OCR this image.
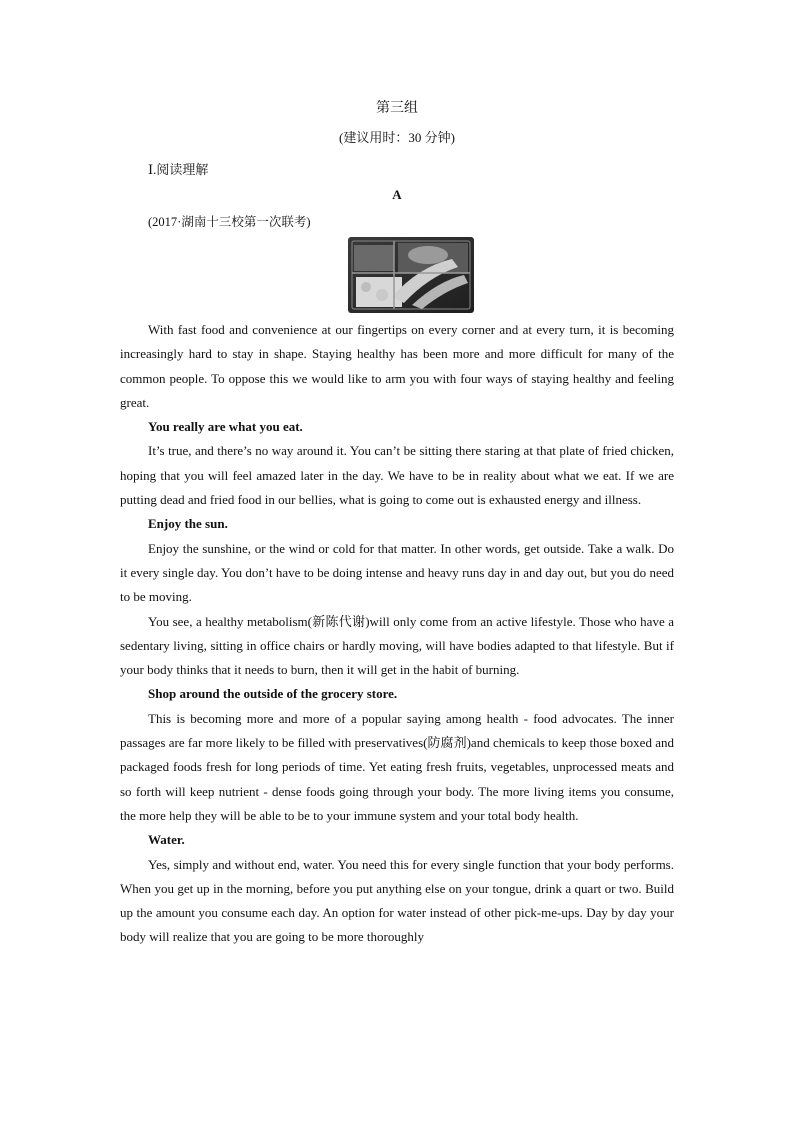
第三组
(建议用时：30 分钟)
Ⅰ.阅读理解
A
(2017·湖南十三校第一次联考)

With fast food and convenience at our fingertips on every corner and at every turn, it is becoming increasingly hard to stay in shape. Staying healthy has been more and more difficult for many of the common people. To oppose this we would like to arm you with four ways of staying healthy and feeling great.

You really are what you eat.

It’s true, and there’s no way around it. You can’t be sitting there staring at that plate of fried chicken, hoping that you will feel amazed later in the day. We have to be in reality about what we eat. If we are putting dead and fried food in our bellies, what is going to come out is exhausted energy and illness.

Enjoy the sun.

Enjoy the sunshine, or the wind or cold for that matter. In other words, get outside. Take a walk. Do it every single day. You don’t have to be doing intense and heavy runs day in and day out, but you do need to be moving.

You see, a healthy metabolism(新陈代谢)will only come from an active lifestyle. Those who have a sedentary living, sitting in office chairs or hardly moving, will have bodies adapted to that lifestyle. But if your body thinks that it needs to burn, then it will get in the habit of burning.

Shop around the outside of the grocery store.

This is becoming more and more of a popular saying among health - food advocates. The inner passages are far more likely to be filled with preservatives(防腐剂)and chemicals to keep those boxed and packaged foods fresh for long periods of time. Yet eating fresh fruits, vegetables, unprocessed meats and so forth will keep nutrient - dense foods going through your body. The more living items you consume, the more help they will be able to be to your immune system and your total body health.

Water.

Yes, simply and without end, water. You need this for every single function that your body performs. When you get up in the morning, before you put anything else on your tongue, drink a quart or two. Build up the amount you consume each day. An option for water instead of other pick-me-ups. Day by day your body will realize that you are going to be more thoroughly
